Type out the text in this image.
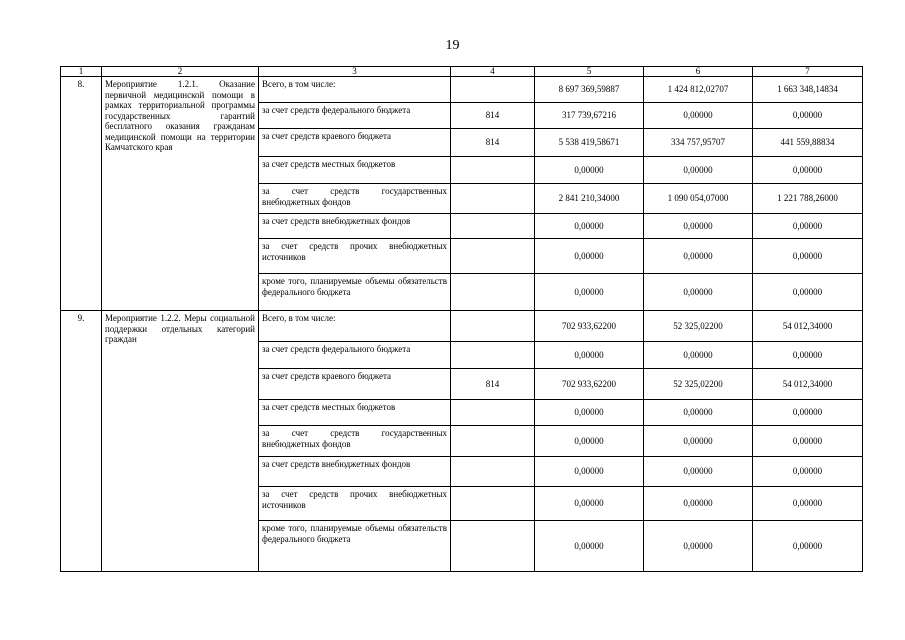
19
1	2	3	4	5	6	7
8.	Мероприятие 1.2.1. Оказание первичной медицинской помощи в рамках территориальной программы государственных гарантий бесплатного оказания гражданам медицинской помощи на территории Камчатского края	Всего, в том числе:		8 697 369,59887	1 424 812,02707	1 663 348,14834
		за счет средств федерального бюджета	814	317 739,67216	0,00000	0,00000
		за счет средств краевого бюджета	814	5 538 419,58671	334 757,95707	441 559,88834
		за счет средств местных бюджетов		0,00000	0,00000	0,00000
		за счет средств государственных внебюджетных фондов		2 841 210,34000	1 090 054,07000	1 221 788,26000
		за счет средств внебюджетных фондов		0,00000	0,00000	0,00000
		за счет средств прочих внебюджетных источников		0,00000	0,00000	0,00000
		кроме того, планируемые объемы обязательств федерального бюджета		0,00000	0,00000	0,00000
9.	Мероприятие 1.2.2. Меры социальной поддержки отдельных категорий граждан	Всего, в том числе:		702 933,62200	52 325,02200	54 012,34000
		за счет средств федерального бюджета		0,00000	0,00000	0,00000
		за счет средств краевого бюджета	814	702 933,62200	52 325,02200	54 012,34000
		за счет средств местных бюджетов		0,00000	0,00000	0,00000
		за счет средств государственных внебюджетных фондов		0,00000	0,00000	0,00000
		за счет средств внебюджетных фондов		0,00000	0,00000	0,00000
		за счет средств прочих внебюджетных источников		0,00000	0,00000	0,00000
		кроме того, планируемые объемы обязательств федерального бюджета		0,00000	0,00000	0,00000
